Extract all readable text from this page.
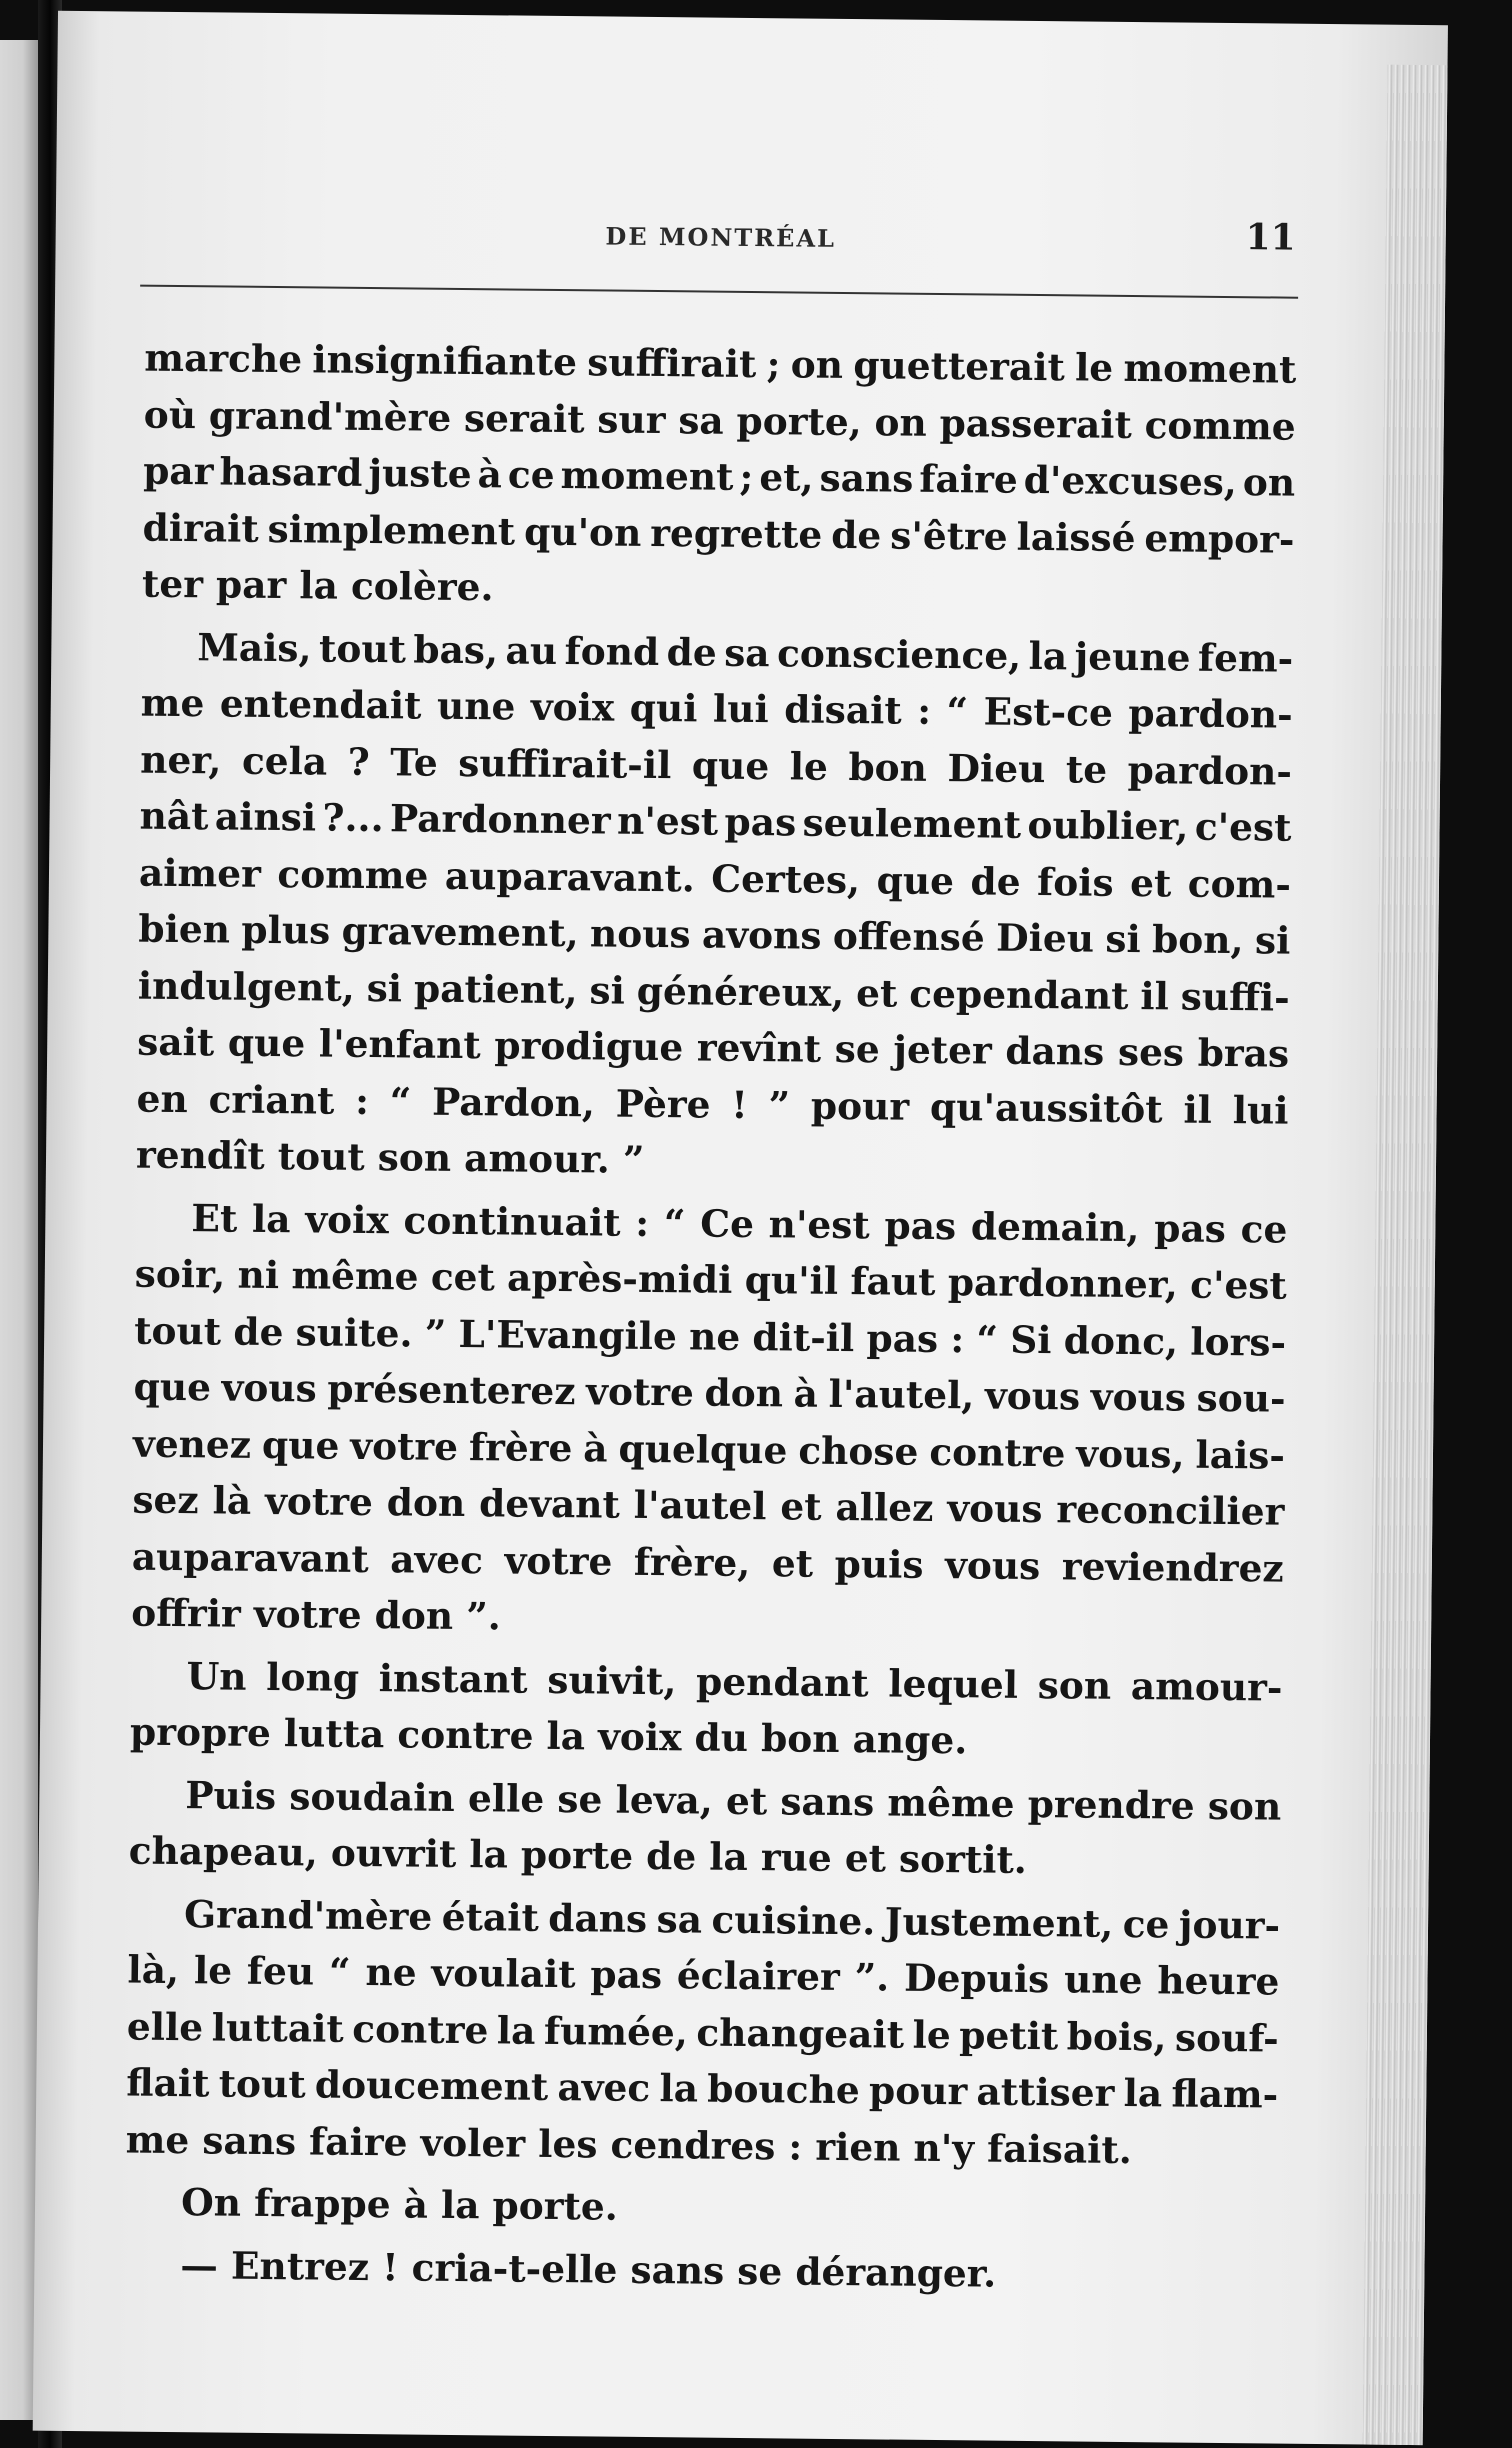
DE MONTRÉAL	11
marche insignifiante suffirait ; on guetterait le moment
où grand'mère serait sur sa porte, on passerait comme
par hasard juste à ce moment ; et, sans faire d'excuses, on
dirait simplement qu'on regrette de s'être laissé empor-
ter par la colère.
Mais, tout bas, au fond de sa conscience, la jeune fem-
me entendait une voix qui lui disait : “ Est-ce pardon-
ner, cela ? Te suffirait-il que le bon Dieu te pardon-
nât ainsi ?... Pardonner n'est pas seulement oublier, c'est
aimer comme auparavant. Certes, que de fois et com-
bien plus gravement, nous avons offensé Dieu si bon, si
indulgent, si patient, si généreux, et cependant il suffi-
sait que l'enfant prodigue revînt se jeter dans ses bras
en criant : “ Pardon, Père ! ” pour qu'aussitôt il lui
rendît tout son amour. ”
Et la voix continuait : “ Ce n'est pas demain, pas ce
soir, ni même cet après-midi qu'il faut pardonner, c'est
tout de suite. ” L'Evangile ne dit-il pas : “ Si donc, lors-
que vous présenterez votre don à l'autel, vous vous sou-
venez que votre frère à quelque chose contre vous, lais-
sez là votre don devant l'autel et allez vous reconcilier
auparavant avec votre frère, et puis vous reviendrez
offrir votre don ”.
Un long instant suivit, pendant lequel son amour-
propre lutta contre la voix du bon ange.
Puis soudain elle se leva, et sans même prendre son
chapeau, ouvrit la porte de la rue et sortit.
Grand'mère était dans sa cuisine. Justement, ce jour-
là, le feu “ ne voulait pas éclairer ”. Depuis une heure
elle luttait contre la fumée, changeait le petit bois, souf-
flait tout doucement avec la bouche pour attiser la flam-
me sans faire voler les cendres : rien n'y faisait.
On frappe à la porte.
— Entrez ! cria-t-elle sans se déranger.
